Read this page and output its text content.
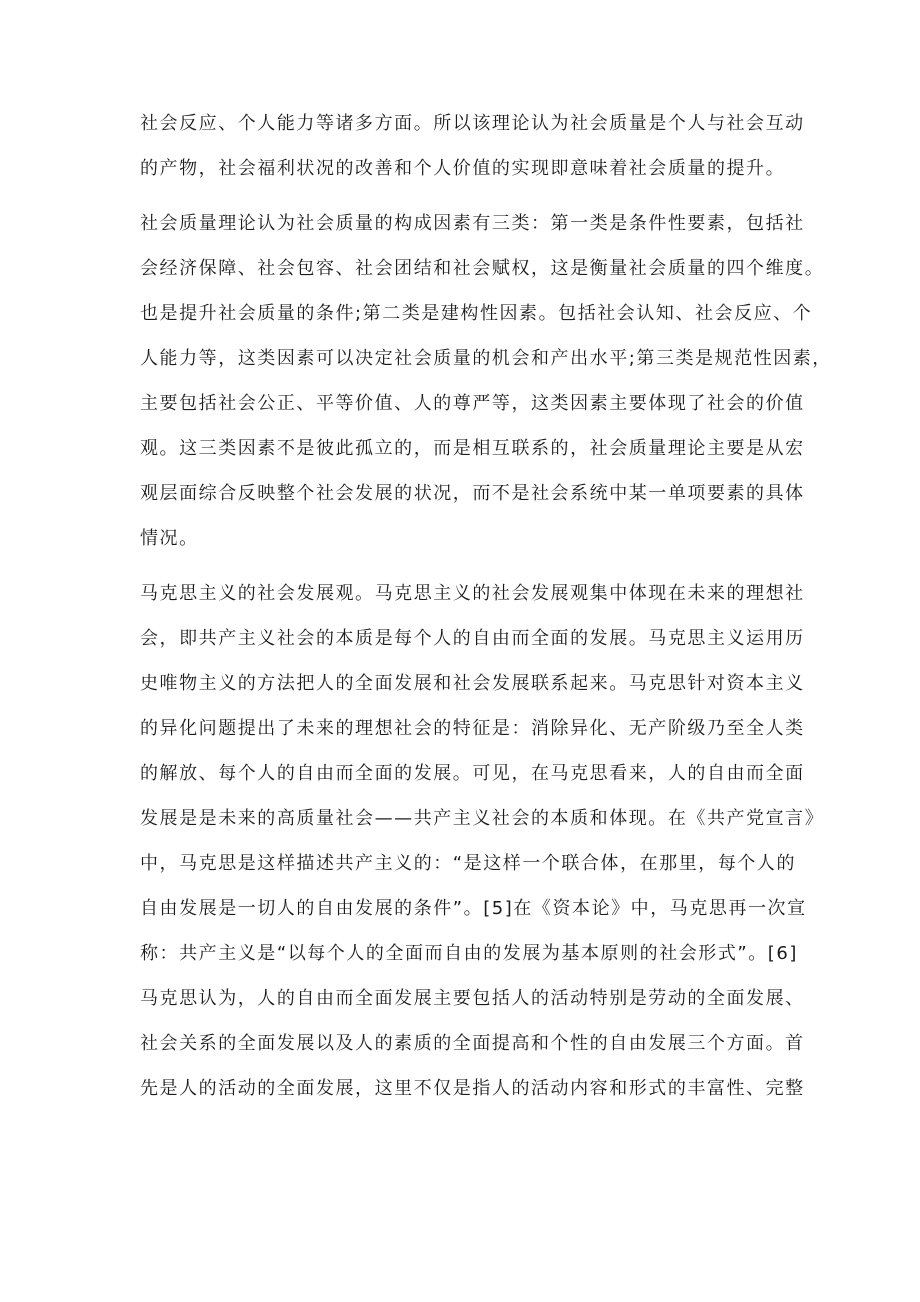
社会反应、个人能力等诸多方面。所以该理论认为社会质量是个人与社会互动
的产物，社会福利状况的改善和个人价值的实现即意味着社会质量的提升。
社会质量理论认为社会质量的构成因素有三类：第一类是条件性要素，包括社
会经济保障、社会包容、社会团结和社会赋权，这是衡量社会质量的四个维度。
也是提升社会质量的条件;第二类是建构性因素。包括社会认知、社会反应、个
人能力等，这类因素可以决定社会质量的机会和产出水平;第三类是规范性因素，
主要包括社会公正、平等价值、人的尊严等，这类因素主要体现了社会的价值
观。这三类因素不是彼此孤立的，而是相互联系的，社会质量理论主要是从宏
观层面综合反映整个社会发展的状况，而不是社会系统中某一单项要素的具体
情况。
马克思主义的社会发展观。马克思主义的社会发展观集中体现在未来的理想社
会，即共产主义社会的本质是每个人的自由而全面的发展。马克思主义运用历
史唯物主义的方法把人的全面发展和社会发展联系起来。马克思针对资本主义
的异化问题提出了未来的理想社会的特征是：消除异化、无产阶级乃至全人类
的解放、每个人的自由而全面的发展。可见，在马克思看来，人的自由而全面
发展是是未来的高质量社会——共产主义社会的本质和体现。在《共产党宣言》
中，马克思是这样描述共产主义的：“是这样一个联合体，在那里，每个人的
自由发展是一切人的自由发展的条件”。[5]在《资本论》中，马克思再一次宣
称：共产主义是“以每个人的全面而自由的发展为基本原则的社会形式”。[6]
马克思认为，人的自由而全面发展主要包括人的活动特别是劳动的全面发展、
社会关系的全面发展以及人的素质的全面提高和个性的自由发展三个方面。首
先是人的活动的全面发展，这里不仅是指人的活动内容和形式的丰富性、完整
